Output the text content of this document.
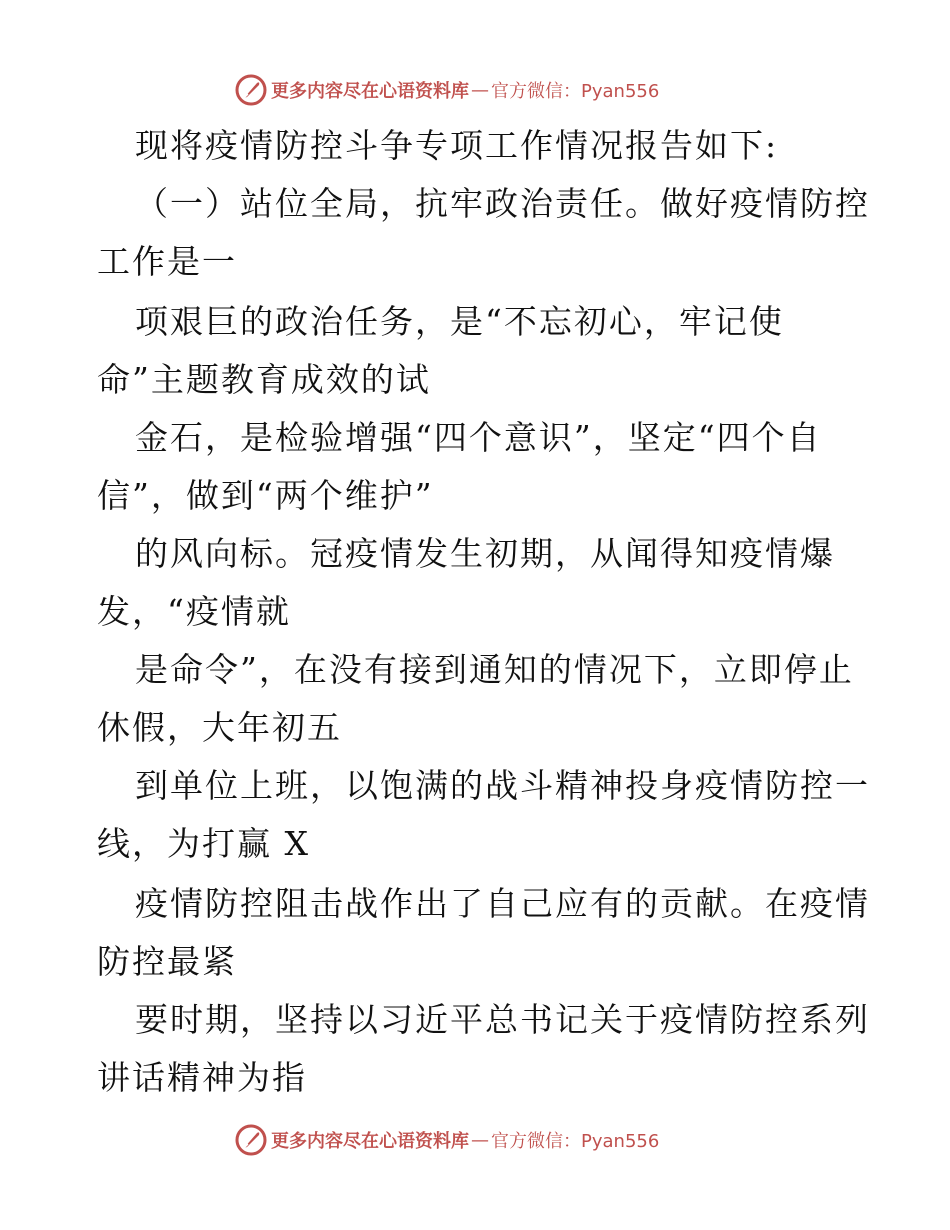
更多内容尽在心语资料库 — 官方微信：Pyan556
现将疫情防控斗争专项工作情况报告如下:
（一）站位全局，抗牢政治责任。做好疫情防控
工作是一
项艰巨的政治任务，是“不忘初心，牢记使
命”主题教育成效的试
金石，是检验增强“四个意识”，坚定“四个自
信”，做到“两个维护”
的风向标。冠疫情发生初期，从闻得知疫情爆
发，“疫情就
是命令”，在没有接到通知的情况下，立即停止
休假，大年初五
到单位上班，以饱满的战斗精神投身疫情防控一
线，为打赢 X
疫情防控阻击战作出了自己应有的贡献。在疫情
防控最紧
要时期，坚持以习近平总书记关于疫情防控系列
讲话精神为指
更多内容尽在心语资料库 — 官方微信：Pyan556
